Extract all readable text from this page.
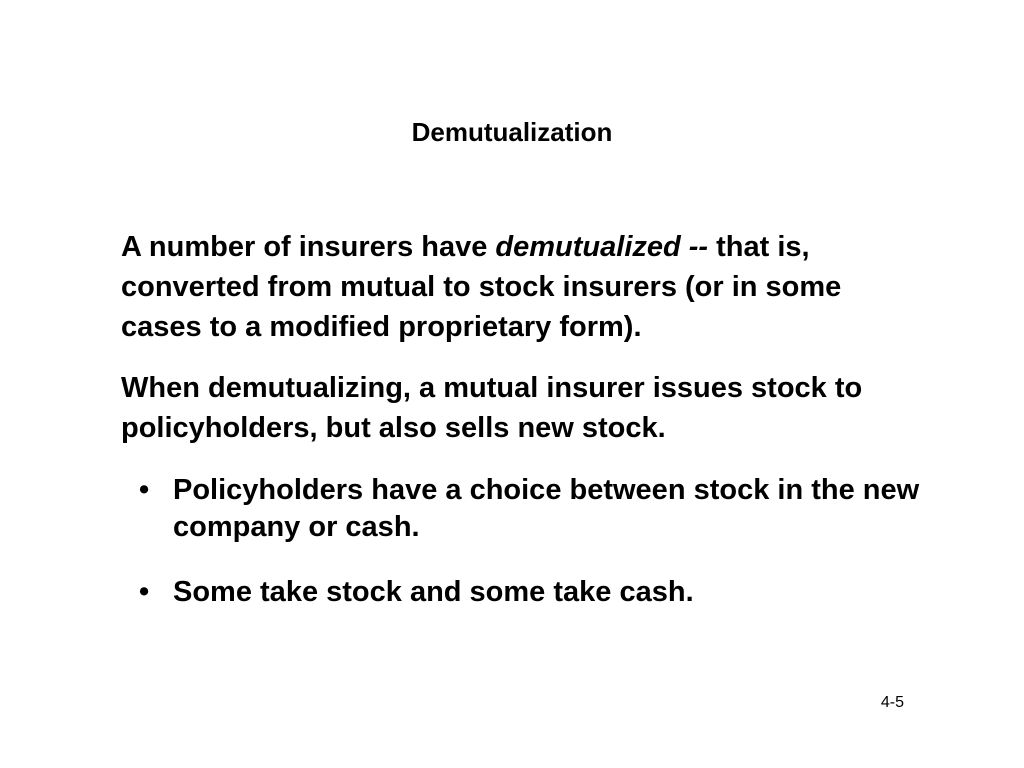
Demutualization

A number of insurers have demutualized -- that is, converted from mutual to stock insurers (or in some cases to a modified proprietary form).

When demutualizing, a mutual insurer issues stock to policyholders, but also sells new stock.

• Policyholders have a choice between stock in the new company or cash.
• Some take stock and some take cash.
4-5
